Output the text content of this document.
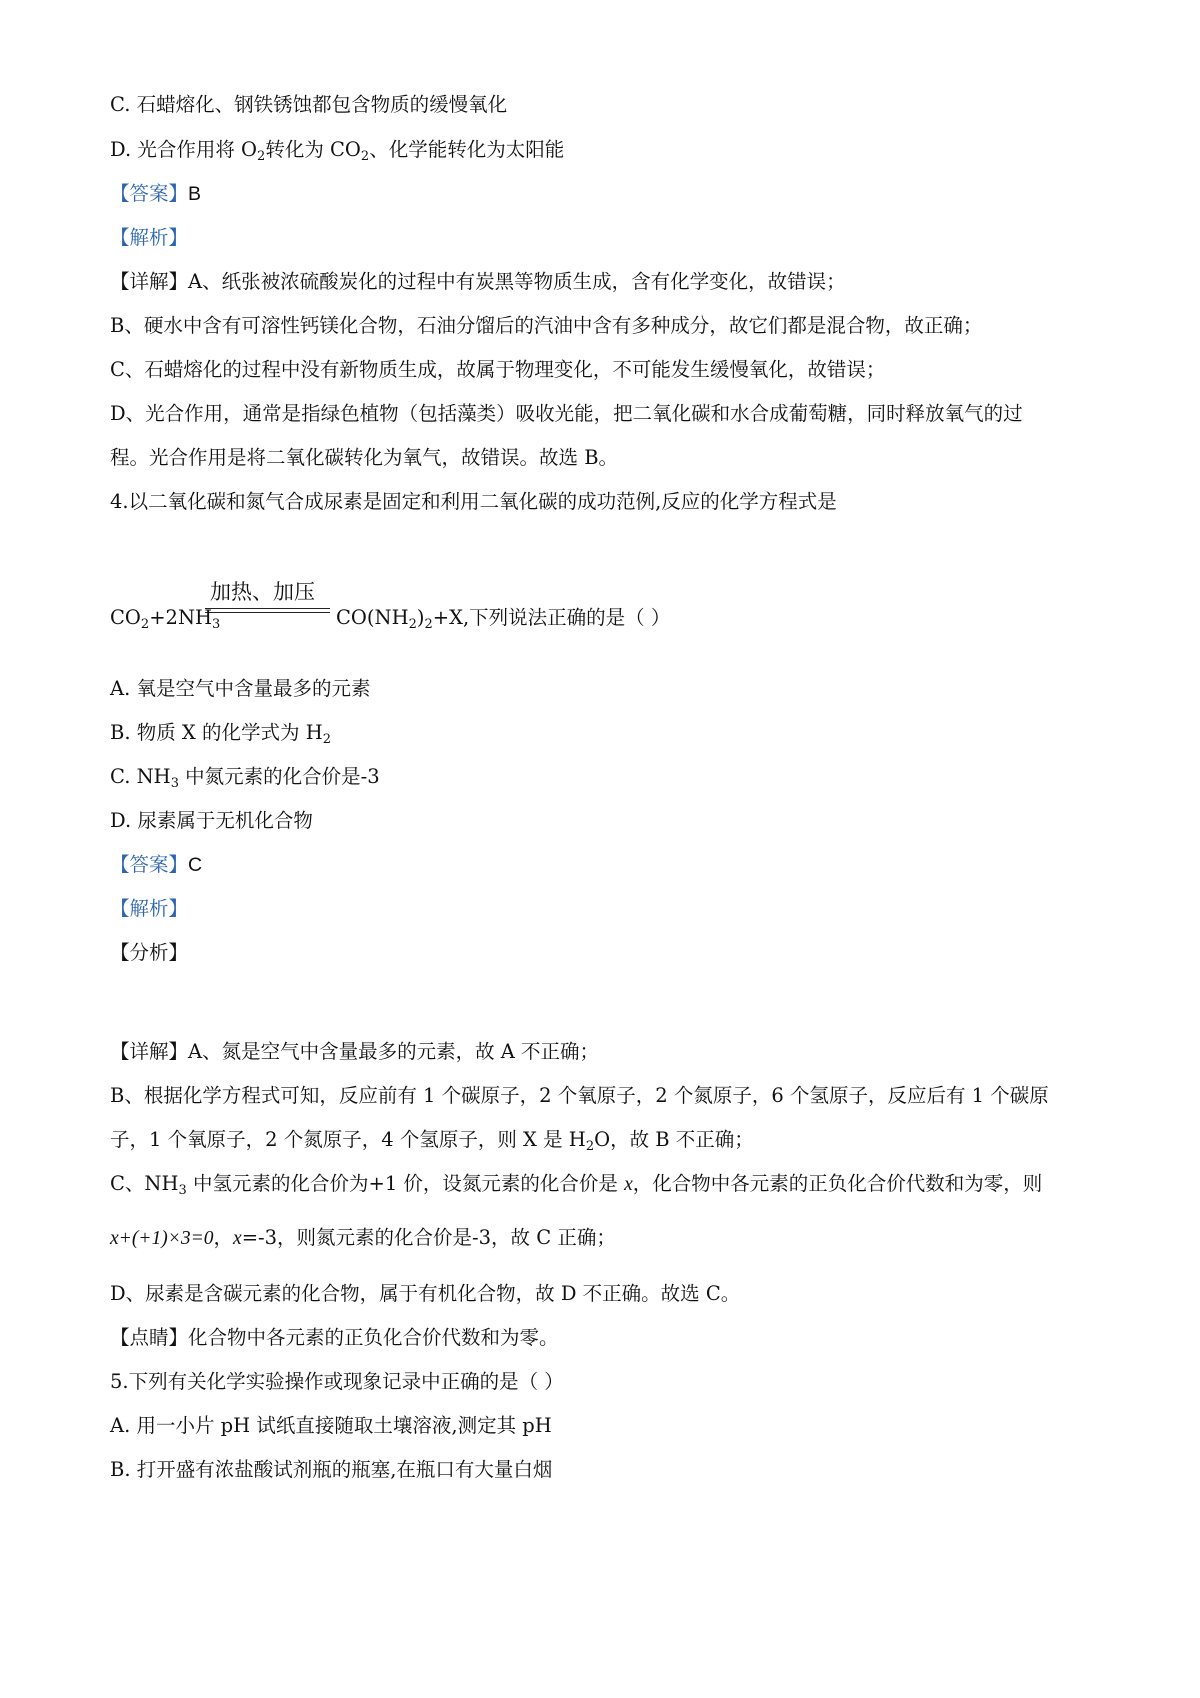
C. 石蜡熔化、钢铁锈蚀都包含物质的缓慢氧化
D. 光合作用将 $O_2$转化为 $CO_2$、化学能转化为太阳能
【答案】B
【解析】
【详解】A、纸张被浓硫酸炭化的过程中有炭黑等物质生成，含有化学变化，故错误；
B、硬水中含有可溶性钙镁化合物，石油分馏后的汽油中含有多种成分，故它们都是混合物，故正确；
C、石蜡熔化的过程中没有新物质生成，故属于物理变化，不可能发生缓慢氧化，故错误；
D、光合作用，通常是指绿色植物（包括藻类）吸收光能，把二氧化碳和水合成葡萄糖，同时释放氧气的过
程。光合作用是将二氧化碳转化为氧气，故错误。故选 B。
4.以二氧化碳和氮气合成尿素是固定和利用二氧化碳的成功范例,反应的化学方程式是
加热、加压
$CO_2+2NH_3$	$CO(NH_2)_2+X$,下列说法正确的是（ ）
A. 氧是空气中含量最多的元素
B. 物质 X 的化学式为 $H_2$
C. $NH_3$ 中氮元素的化合价是-3
D. 尿素属于无机化合物
【答案】C
【解析】
【分析】
【详解】A、氮是空气中含量最多的元素，故 A 不正确；
B、根据化学方程式可知，反应前有 1 个碳原子，2 个氧原子，2 个氮原子，6 个氢原子，反应后有 1 个碳原
子，1 个氧原子，2 个氮原子，4 个氢原子，则 X 是 $H_2O$，故 B 不正确；
C、$NH_3$ 中氢元素的化合价为+1 价，设氮元素的化合价是 x，化合物中各元素的正负化合价代数和为零，则
x+(+1)×3=0，x=-3，则氮元素的化合价是-3，故 C 正确；
D、尿素是含碳元素的化合物，属于有机化合物，故 D 不正确。故选 C。
【点睛】化合物中各元素的正负化合价代数和为零。
5.下列有关化学实验操作或现象记录中正确的是（ ）
A. 用一小片 pH 试纸直接随取土壤溶液,测定其 pH
B. 打开盛有浓盐酸试剂瓶的瓶塞,在瓶口有大量白烟
